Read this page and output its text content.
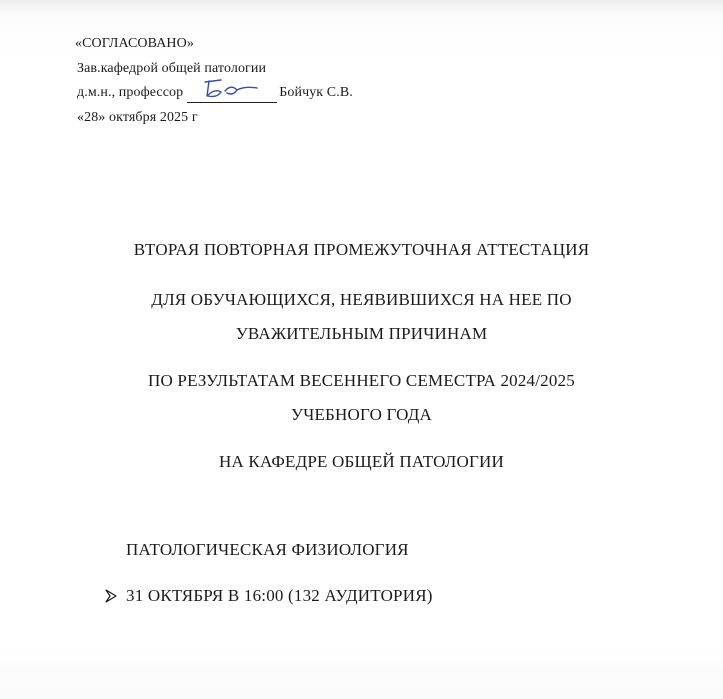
«СОГЛАСОВАНО»
Зав.кафедрой общей патологии
д.м.н., профессор	Бойчук С.В.
«28» октября 2025 г
ВТОРАЯ ПОВТОРНАЯ ПРОМЕЖУТОЧНАЯ АТТЕСТАЦИЯ
ДЛЯ ОБУЧАЮЩИХСЯ, НЕЯВИВШИХСЯ НА НЕЕ ПО
УВАЖИТЕЛЬНЫМ ПРИЧИНАМ
ПО РЕЗУЛЬТАТАМ ВЕСЕННЕГО СЕМЕСТРА 2024/2025
УЧЕБНОГО ГОДА
НА КАФЕДРЕ ОБЩЕЙ ПАТОЛОГИИ
ПАТОЛОГИЧЕСКАЯ ФИЗИОЛОГИЯ
31 ОКТЯБРЯ В 16:00 (132 АУДИТОРИЯ)
